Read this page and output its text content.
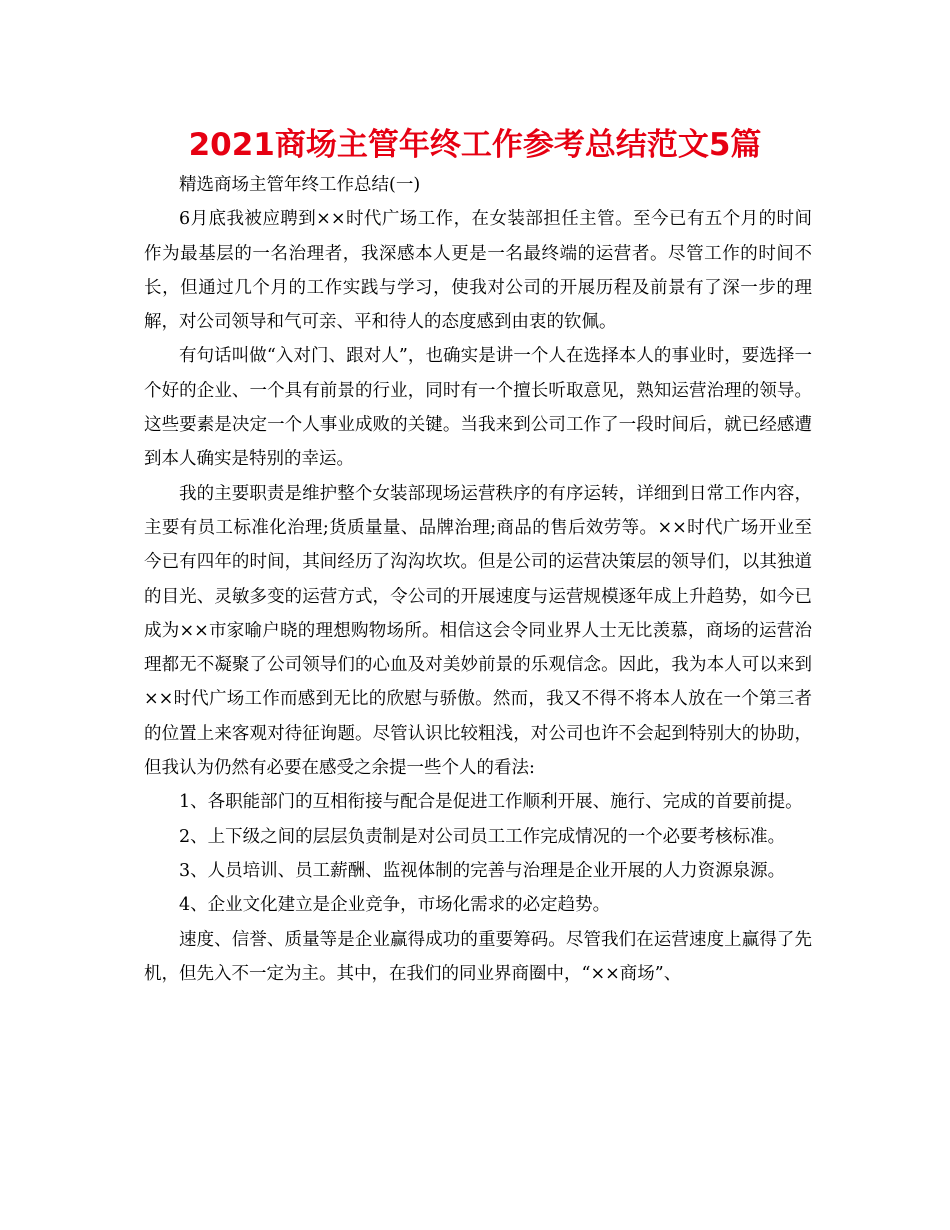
2021商场主管年终工作参考总结范文5篇

精选商场主管年终工作总结(一)

6月底我被应聘到××时代广场工作，在女装部担任主管。至今已有五个月的时间作为最基层的一名治理者，我深感本人更是一名最终端的运营者。尽管工作的时间不长，但通过几个月的工作实践与学习，使我对公司的开展历程及前景有了深一步的理解，对公司领导和气可亲、平和待人的态度感到由衷的钦佩。

有句话叫做“入对门、跟对人”，也确实是讲一个人在选择本人的事业时，要选择一个好的企业、一个具有前景的行业，同时有一个擅长听取意见，熟知运营治理的领导。这些要素是决定一个人事业成败的关键。当我来到公司工作了一段时间后，就已经感遭到本人确实是特别的幸运。

我的主要职责是维护整个女装部现场运营秩序的有序运转，详细到日常工作内容，主要有员工标准化治理;货质量量、品牌治理;商品的售后效劳等。××时代广场开业至今已有四年的时间，其间经历了沟沟坎坎。但是公司的运营决策层的领导们，以其独道的目光、灵敏多变的运营方式，令公司的开展速度与运营规模逐年成上升趋势，如今已成为××市家喻户晓的理想购物场所。相信这会令同业界人士无比羡慕，商场的运营治理都无不凝聚了公司领导们的心血及对美妙前景的乐观信念。因此，我为本人可以来到××时代广场工作而感到无比的欣慰与骄傲。然而，我又不得不将本人放在一个第三者的位置上来客观对待征询题。尽管认识比较粗浅，对公司也许不会起到特别大的协助，但我认为仍然有必要在感受之余提一些个人的看法:

1、各职能部门的互相衔接与配合是促进工作顺利开展、施行、完成的首要前提。

2、上下级之间的层层负责制是对公司员工工作完成情况的一个必要考核标准。

3、人员培训、员工薪酬、监视体制的完善与治理是企业开展的人力资源泉源。

4、企业文化建立是企业竞争，市场化需求的必定趋势。

速度、信誉、质量等是企业赢得成功的重要筹码。尽管我们在运营速度上赢得了先机，但先入不一定为主。其中，在我们的同业界商圈中，“××商场”、
